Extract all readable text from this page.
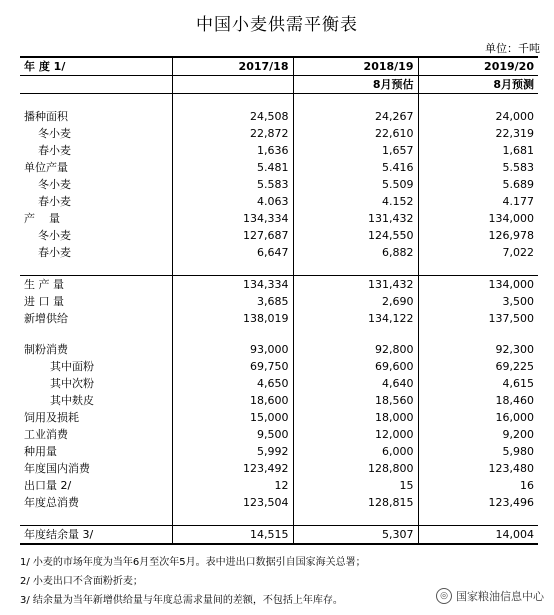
中国小麦供需平衡表
单位：千吨
年 度 1/	2017/18	2018/19	2019/20
		8月预估	8月预测

播种面积	24,508	24,267	24,000
冬小麦	22,872	22,610	22,319
春小麦	1,636	1,657	1,681
单位产量	5.481	5.416	5.583
冬小麦	5.583	5.509	5.689
春小麦	4.063	4.152	4.177
产    量	134,334	131,432	134,000
冬小麦	127,687	124,550	126,978
春小麦	6,647	6,882	7,022

生 产 量	134,334	131,432	134,000
进 口 量	3,685	2,690	3,500
新增供给	138,019	134,122	137,500

制粉消费	93,000	92,800	92,300
其中面粉	69,750	69,600	69,225
其中次粉	4,650	4,640	4,615
其中麸皮	18,600	18,560	18,460
饲用及损耗	15,000	18,000	16,000
工业消费	9,500	12,000	9,200
种用量	5,992	6,000	5,980
年度国内消费	123,492	128,800	123,480
出口量 2/	12	15	16
年度总消费	123,504	128,815	123,496

年度结余量 3/	14,515	5,307	14,004
1/ 小麦的市场年度为当年6月至次年5月。表中进出口数据引自国家海关总署；
2/ 小麦出口不含面粉折麦；
3/ 结余量为当年新增供给量与年度总需求量间的差额，不包括上年库存。	◎ 国家粮油信息中心
